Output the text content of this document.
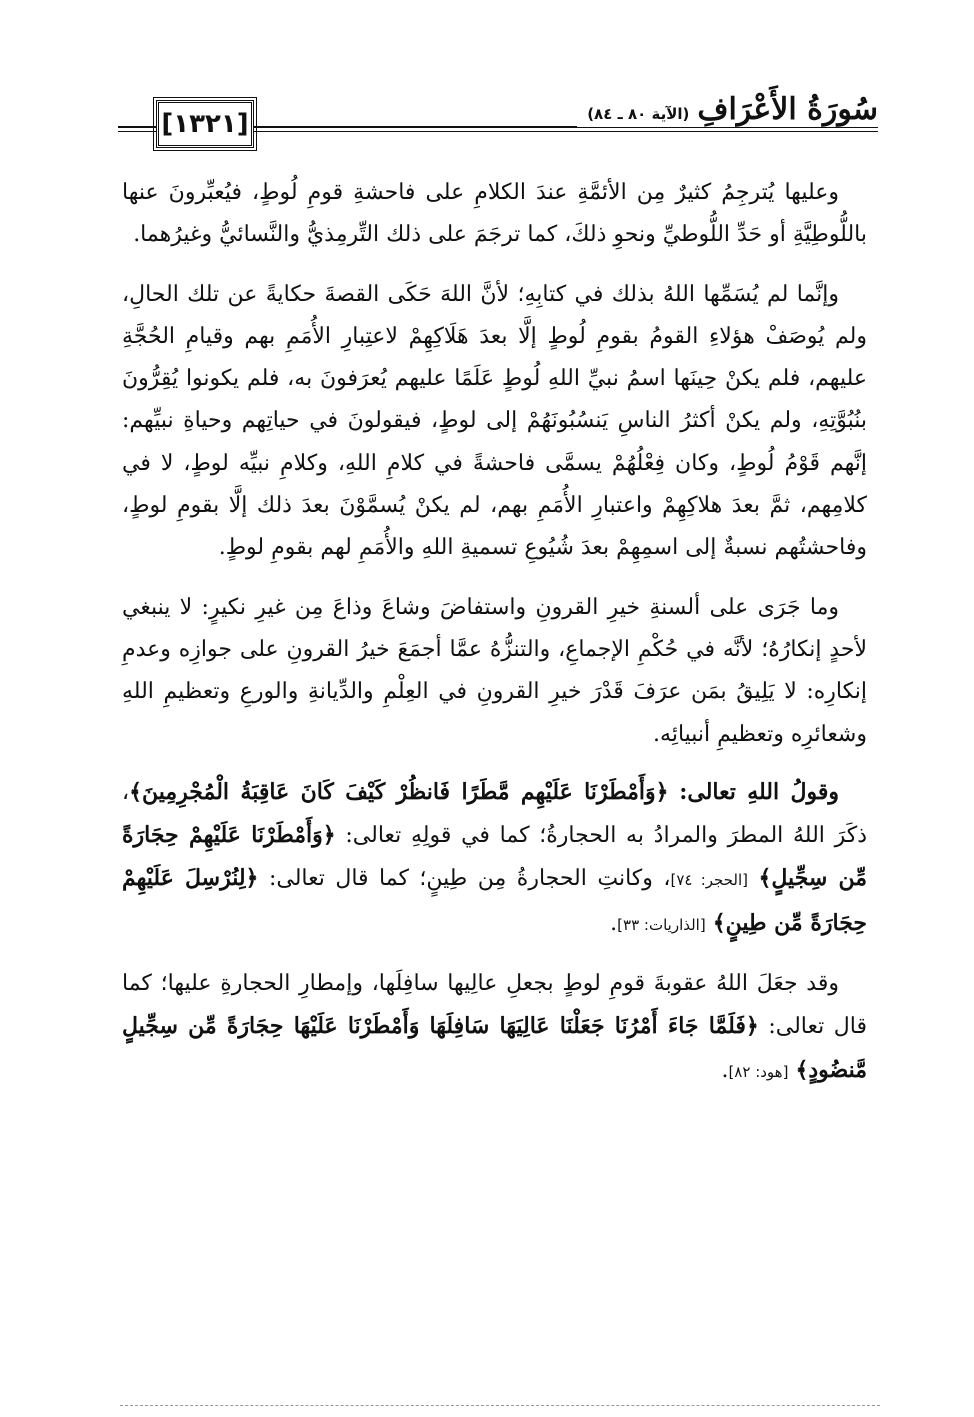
[١٣٢١]	سُورَةُ الأَعْرَافِ
(الآية ٨٠ ـ ٨٤)

وعليها يُترجِمُ كثيرٌ مِن الأئمَّةِ عندَ الكلامِ على فاحشةِ قومِ لُوطٍ، فيُعبِّرونَ عنها باللُّوطِيَّةِ أو حَدِّ اللُّوطيِّ ونحوِ ذلكَ، كما ترجَمَ على ذلك التِّرمِذيُّ والنَّسائيُّ وغيرُهما.

وإنَّما لم يُسَمِّها اللهُ بذلك في كتابِهِ؛ لأنَّ اللهَ حَكَى القصةَ حكايةً عن تلك الحالِ، ولم يُوصَفْ هؤلاءِ القومُ بقومِ لُوطٍ إلَّا بعدَ هَلَاكِهِمْ لاعتِبارِ الأُمَمِ بهم وقيامِ الحُجَّةِ عليهم، فلم يكنْ حِينَها اسمُ نبيِّ اللهِ لُوطٍ عَلَمًا عليهم يُعرَفونَ به، فلم يكونوا يُقِرُّونَ بنُبُوَّتِهِ، ولم يكنْ أكثرُ الناسِ يَنسُبُونَهُمْ إلى لوطٍ، فيقولونَ في حياتِهم وحياةِ نبيِّهم: إنَّهم قَوْمُ لُوطٍ، وكان فِعْلُهُمْ يسمَّى فاحشةً في كلامِ اللهِ، وكلامِ نبيِّه لوطٍ، لا في كلامِهم، ثمَّ بعدَ هلاكِهِمْ واعتبارِ الأُمَمِ بهم، لم يكنْ يُسمَّوْنَ بعدَ ذلك إلَّا بقومِ لوطٍ، وفاحشتُهم نسبةٌ إلى اسمِهِمْ بعدَ شُيُوعِ تسميةِ اللهِ والأُمَمِ لهم بقومِ لوطٍ.

وما جَرَى على ألسنةِ خيرِ القرونِ واستفاضَ وشاعَ وذاعَ مِن غيرِ نكيرٍ: لا ينبغي لأحدٍ إنكارُهُ؛ لأنَّه في حُكْمِ الإجماعِ، والتنزُّهُ عمَّا أجمَعَ خيرُ القرونِ على جوازِه وعدمِ إنكارِه: لا يَلِيقُ بمَن عرَفَ قَدْرَ خيرِ القرونِ في العِلْمِ والدِّيانةِ والورعِ وتعظيمِ اللهِ وشعائرِه وتعظيمِ أنبيائِه.

وقولُ اللهِ تعالى: ﴿وَأَمْطَرْنَا عَلَيْهِم مَّطَرًا فَانظُرْ كَيْفَ كَانَ عَاقِبَةُ الْمُجْرِمِينَ﴾، ذكَرَ اللهُ المطرَ والمرادُ به الحجارةُ؛ كما في قولِهِ تعالى: ﴿وَأَمْطَرْنَا عَلَيْهِمْ حِجَارَةً مِّن سِجِّيلٍ﴾ [الحجر: ٧٤]، وكانتِ الحجارةُ مِن طِينٍ؛ كما قال تعالى: ﴿لِنُرْسِلَ عَلَيْهِمْ حِجَارَةً مِّن طِينٍ﴾ [الذاريات: ٣٣].

وقد جعَلَ اللهُ عقوبةَ قومِ لوطٍ بجعلِ عالِيها سافِلَها، وإمطارِ الحجارةِ عليها؛ كما قال تعالى: ﴿فَلَمَّا جَاءَ أَمْرُنَا جَعَلْنَا عَالِيَهَا سَافِلَهَا وَأَمْطَرْنَا عَلَيْهَا حِجَارَةً مِّن سِجِّيلٍ مَّنضُودٍ﴾ [هود: ٨٢].
